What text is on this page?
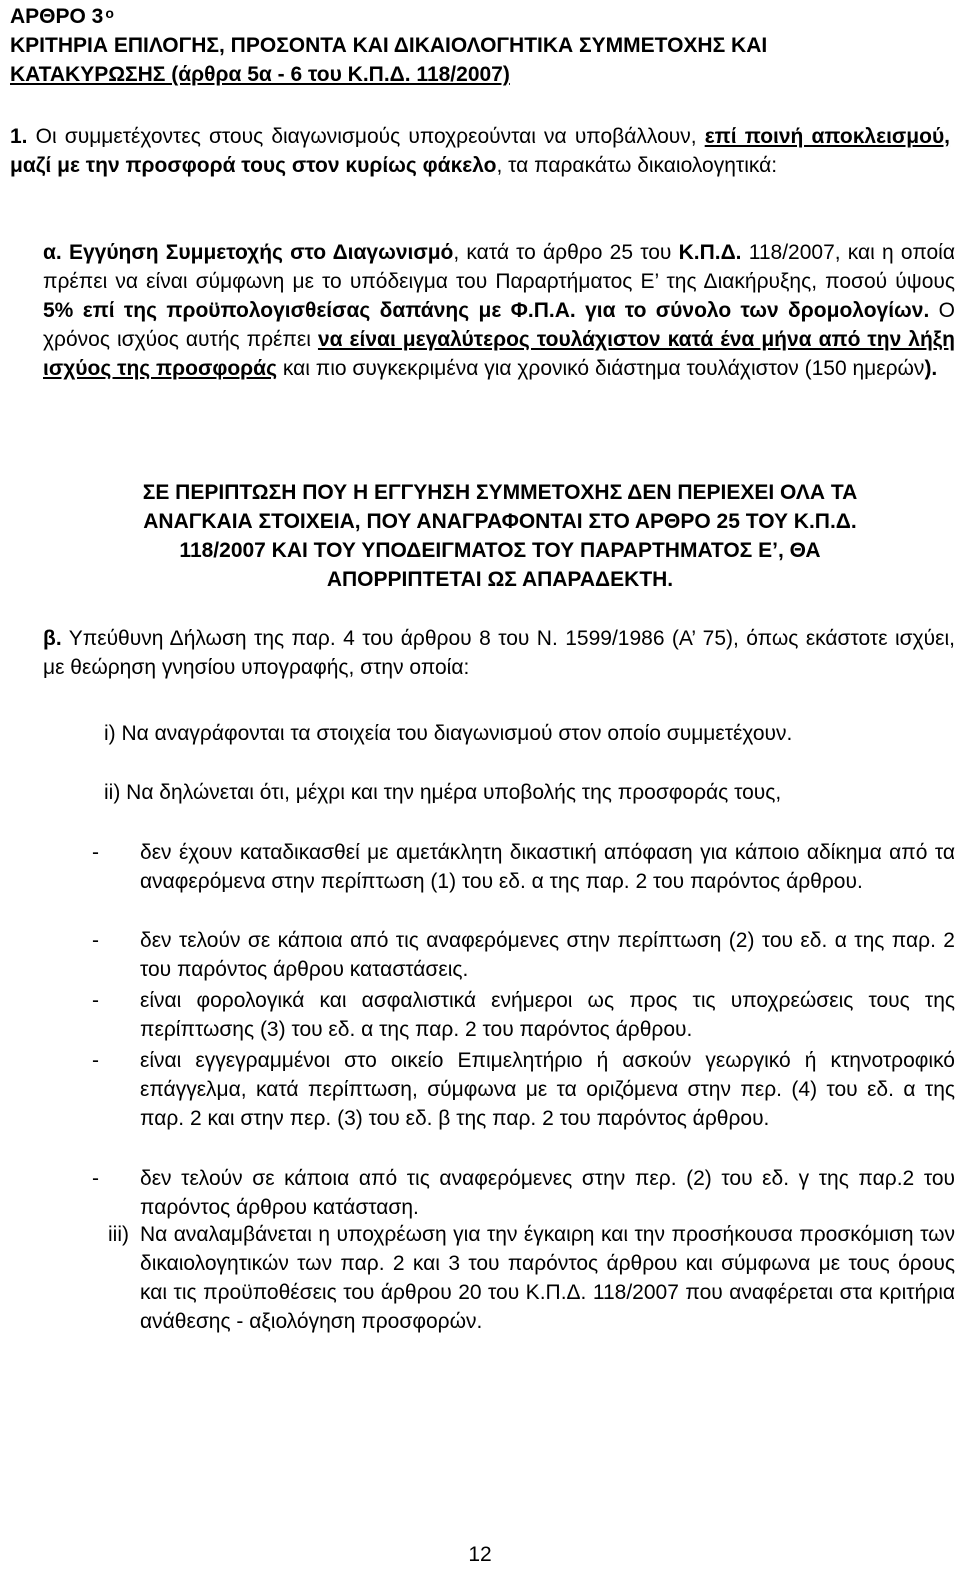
ΑΡΘΡΟ 3 $^o$
ΚΡΙΤΗΡΙΑ ΕΠΙΛΟΓΗΣ, ΠΡΟΣΟΝΤΑ ΚΑΙ ΔΙΚΑΙΟΛΟΓΗΤΙΚΑ ΣΥΜΜΕΤΟΧΗΣ ΚΑΙ
ΚΑΤΑΚΥΡΩΣΗΣ (άρθρα 5α - 6 του Κ.Π.Δ. 118/2007)
1. Οι συμμετέχοντες στους διαγωνισμούς υποχρεούνται να υποβάλλουν, επί ποινή αποκλεισμού, μαζί με την προσφορά τους στον κυρίως φάκελο, τα παρακάτω δικαιολογητικά:
α. Εγγύηση Συμμετοχής στο Διαγωνισμό, κατά το άρθρο 25 του Κ.Π.Δ. 118/2007, και η οποία πρέπει να είναι σύμφωνη με το υπόδειγμα του Παραρτήματος Ε’ της Διακήρυξης, ποσού ύψους 5% επί της προϋπολογισθείσας δαπάνης με Φ.Π.Α. για το σύνολο των δρομολογίων. Ο χρόνος ισχύος αυτής πρέπει να είναι μεγαλύτερος τουλάχιστον κατά ένα μήνα από την λήξη ισχύος της προσφοράς και πιο συγκεκριμένα για χρονικό διάστημα τουλάχιστον (150 ημερών).
ΣΕ ΠΕΡΙΠΤΩΣΗ ΠΟΥ Η ΕΓΓΥΗΣΗ ΣΥΜΜΕΤΟΧΗΣ ΔΕΝ ΠΕΡΙΕΧΕΙ ΟΛΑ ΤΑ
ΑΝΑΓΚΑΙΑ ΣΤΟΙΧΕΙΑ, ΠΟΥ ΑΝΑΓΡΑΦΟΝΤΑΙ ΣΤΟ ΑΡΘΡΟ 25 ΤΟΥ Κ.Π.Δ.
118/2007 ΚΑΙ ΤΟΥ ΥΠΟΔΕΙΓΜΑΤΟΣ ΤΟΥ ΠΑΡΑΡΤΗΜΑΤΟΣ Ε’, ΘΑ
ΑΠΟΡΡΙΠΤΕΤΑΙ ΩΣ ΑΠΑΡΑΔΕΚΤΗ.
β. Υπεύθυνη Δήλωση της παρ. 4 του άρθρου 8 του Ν. 1599/1986 (Α’ 75), όπως εκάστοτε ισχύει, με θεώρηση γνησίου υπογραφής, στην οποία:
i) Να αναγράφονται τα στοιχεία του διαγωνισμού στον οποίο συμμετέχουν.
ii) Να δηλώνεται ότι, μέχρι και την ημέρα υποβολής της προσφοράς τους,
- δεν έχουν καταδικασθεί με αμετάκλητη δικαστική απόφαση για κάποιο αδίκημα από τα αναφερόμενα στην περίπτωση (1) του εδ. α της παρ. 2 του παρόντος άρθρου.
- δεν τελούν σε κάποια από τις αναφερόμενες στην περίπτωση (2) του εδ. α της παρ. 2 του παρόντος άρθρου καταστάσεις.
- είναι φορολογικά και ασφαλιστικά ενήμεροι ως προς τις υποχρεώσεις τους της περίπτωσης (3) του εδ. α της παρ. 2 του παρόντος άρθρου.
- είναι εγγεγραμμένοι στο οικείο Επιμελητήριο ή ασκούν γεωργικό ή κτηνοτροφικό επάγγελμα, κατά περίπτωση, σύμφωνα με τα οριζόμενα στην περ. (4) του εδ. α της παρ. 2 και στην περ. (3) του εδ. β της παρ. 2 του παρόντος άρθρου.
- δεν τελούν σε κάποια από τις αναφερόμενες στην περ. (2) του εδ. γ της παρ.2 του παρόντος άρθρου κατάσταση.
iii) Να αναλαμβάνεται η υποχρέωση για την έγκαιρη και την προσήκουσα προσκόμιση των δικαιολογητικών των παρ. 2 και 3 του παρόντος άρθρου και σύμφωνα με τους όρους και τις προϋποθέσεις του άρθρου 20 του Κ.Π.Δ. 118/2007 που αναφέρεται στα κριτήρια ανάθεσης - αξιολόγηση προσφορών.
12
